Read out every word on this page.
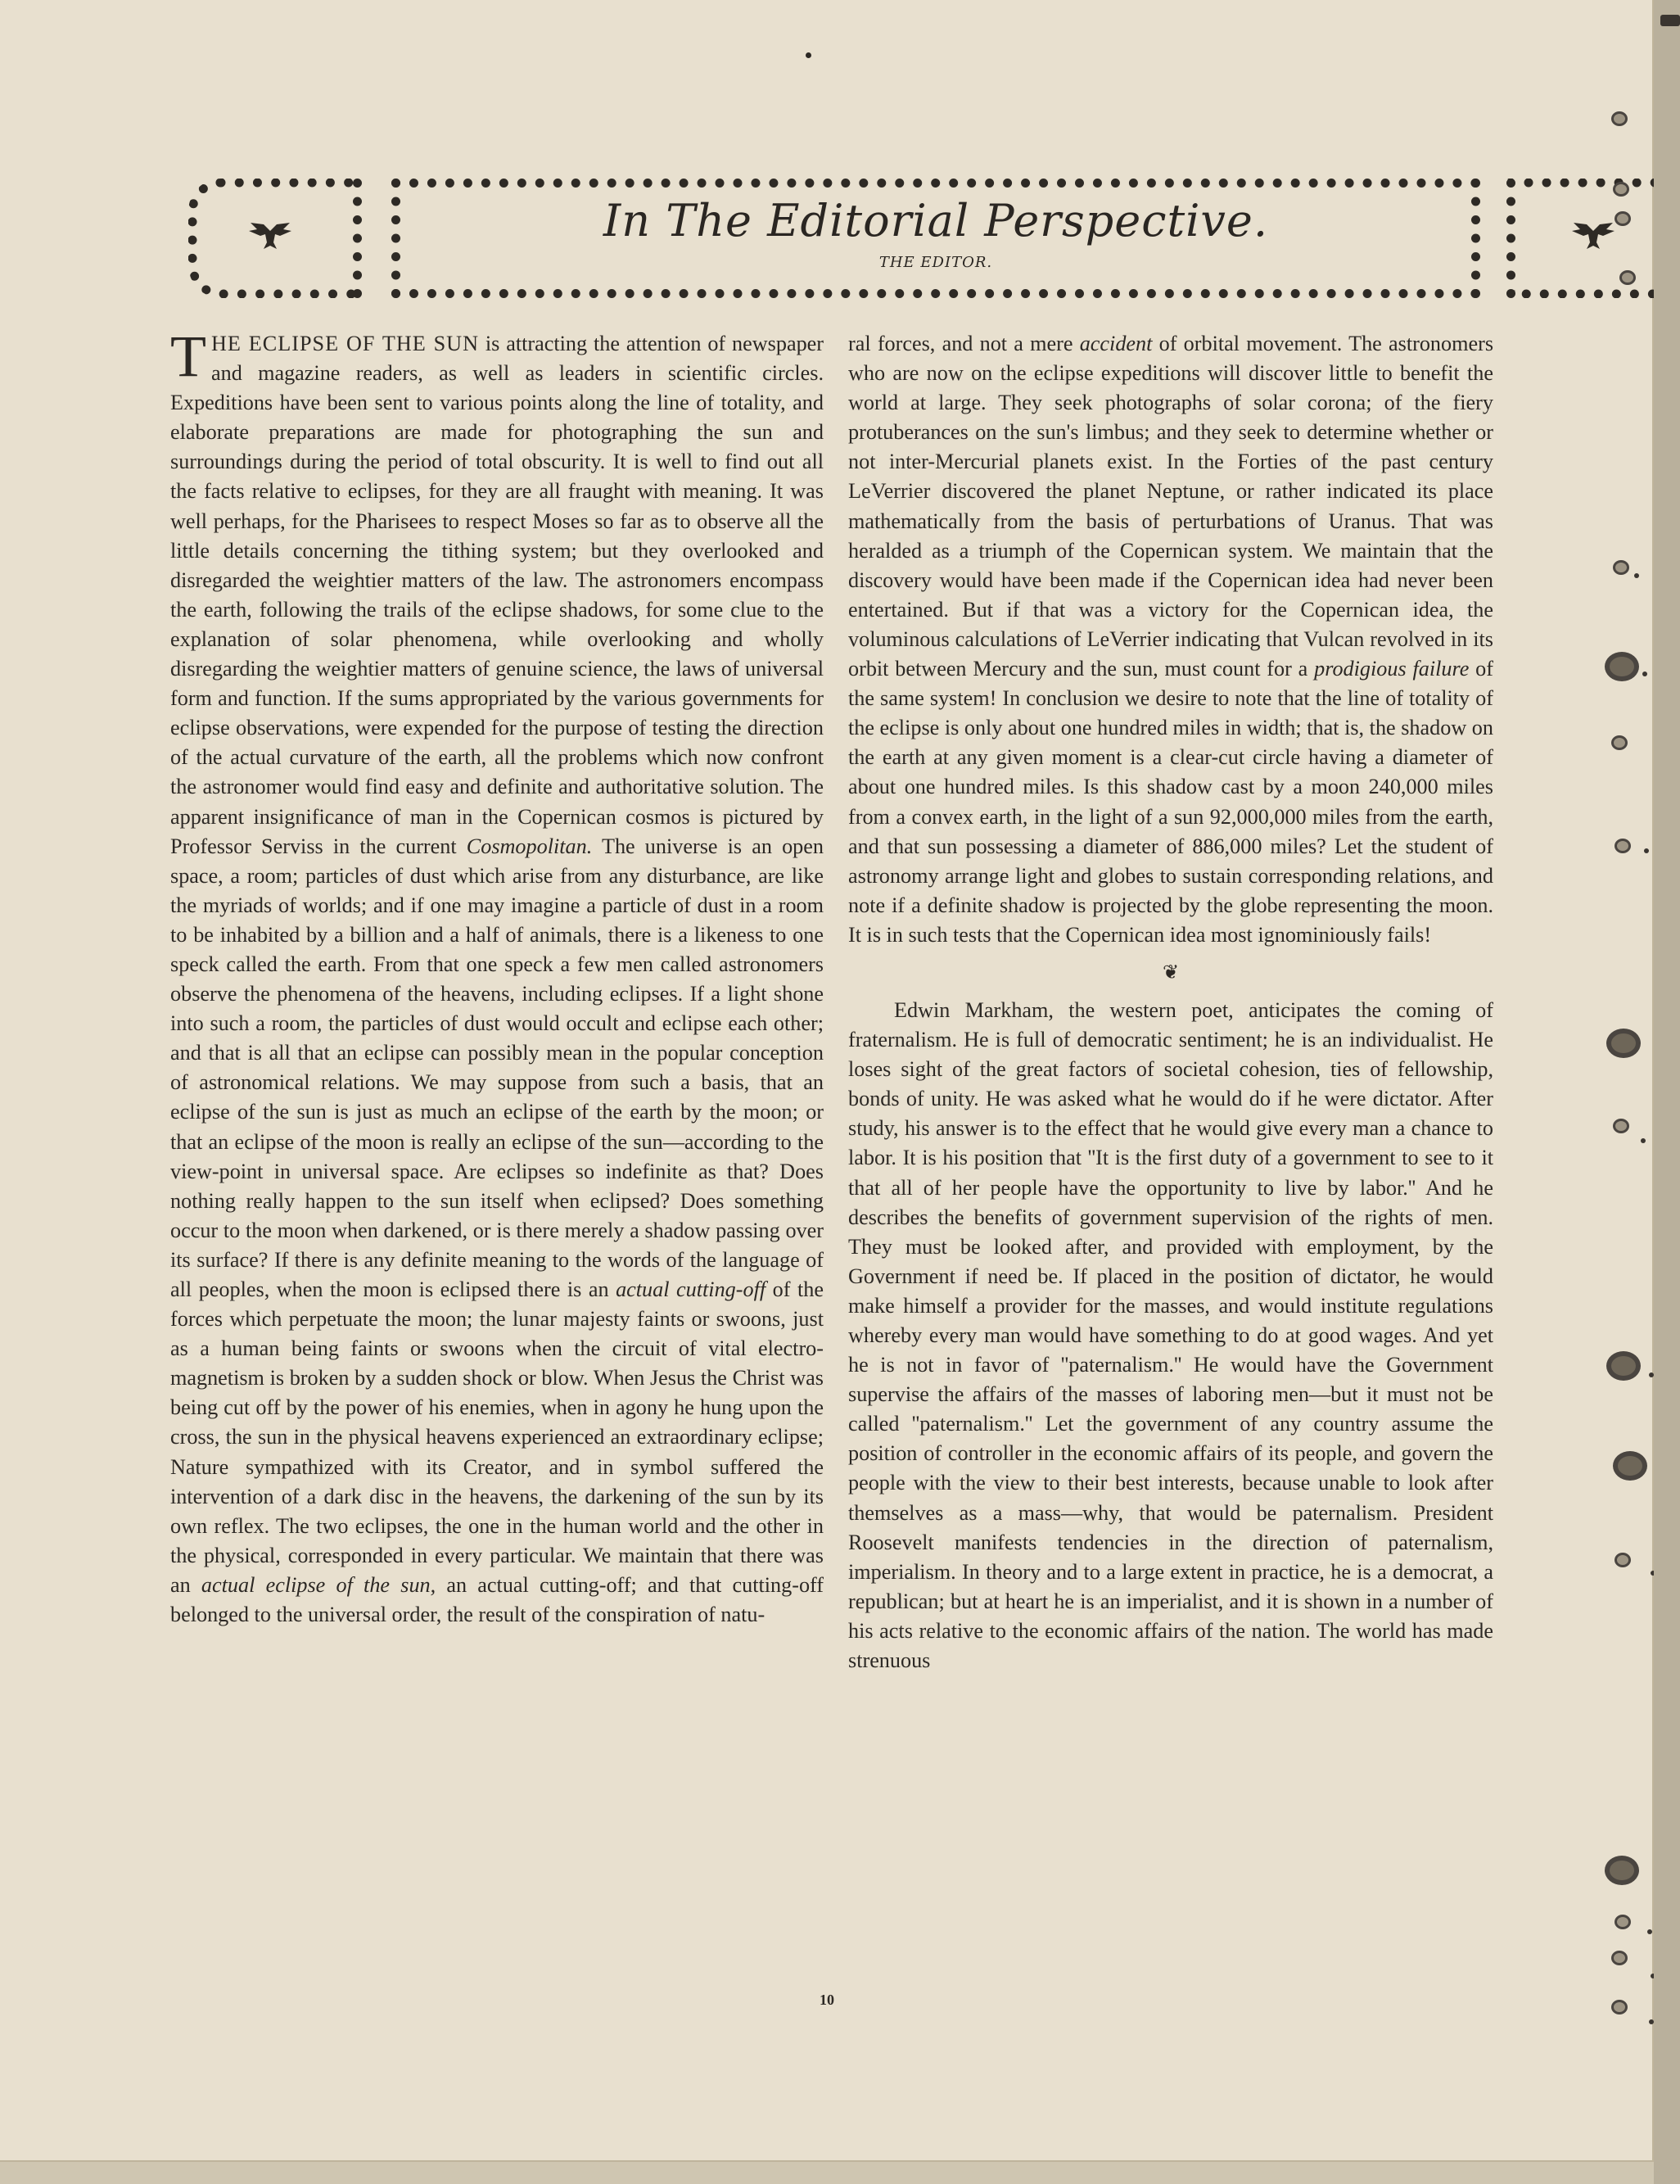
In The Editorial Perspective.
THE EDITOR.

THE ECLIPSE OF THE SUN is attracting the attention of newspaper and magazine readers, as well as leaders in scientific circles. Expeditions have been sent to various points along the line of totality, and elaborate preparations are made for photographing the sun and surroundings during the period of total obscurity. It is well to find out all the facts relative to eclipses, for they are all fraught with meaning. It was well perhaps, for the Pharisees to respect Moses so far as to observe all the little details concerning the tithing system; but they overlooked and disregarded the weightier matters of the law. The astronomers encompass the earth, following the trails of the eclipse shadows, for some clue to the explanation of solar phenomena, while overlooking and wholly disregarding the weightier matters of genuine science, the laws of universal form and function. If the sums appropriated by the various governments for eclipse observations, were expended for the purpose of testing the direction of the actual curvature of the earth, all the problems which now confront the astronomer would find easy and definite and authoritative solution. The apparent insignificance of man in the Copernican cosmos is pictured by Professor Serviss in the current Cosmopolitan. The universe is an open space, a room; particles of dust which arise from any disturbance, are like the myriads of worlds; and if one may imagine a particle of dust in a room to be inhabited by a billion and a half of animals, there is a likeness to one speck called the earth. From that one speck a few men called astronomers observe the phenomena of the heavens, including eclipses. If a light shone into such a room, the particles of dust would occult and eclipse each other; and that is all that an eclipse can possibly mean in the popular conception of astronomical relations. We may suppose from such a basis, that an eclipse of the sun is just as much an eclipse of the earth by the moon; or that an eclipse of the moon is really an eclipse of the sun—according to the view-point in universal space. Are eclipses so indefinite as that? Does nothing really happen to the sun itself when eclipsed? Does something occur to the moon when darkened, or is there merely a shadow passing over its surface? If there is any definite meaning to the words of the language of all peoples, when the moon is eclipsed there is an actual cutting-off of the forces which perpetuate the moon; the lunar majesty faints or swoons, just as a human being faints or swoons when the circuit of vital electro-magnetism is broken by a sudden shock or blow. When Jesus the Christ was being cut off by the power of his enemies, when in agony he hung upon the cross, the sun in the physical heavens experienced an extraordinary eclipse; Nature sympathized with its Creator, and in symbol suffered the intervention of a dark disc in the heavens, the darkening of the sun by its own reflex. The two eclipses, the one in the human world and the other in the physical, corresponded in every particular. We maintain that there was an actual eclipse of the sun, an actual cutting-off; and that cutting-off belonged to the universal order, the result of the conspiration of natu-

ral forces, and not a mere accident of orbital movement. The astronomers who are now on the eclipse expeditions will discover little to benefit the world at large. They seek photographs of solar corona; of the fiery protuberances on the sun's limbus; and they seek to determine whether or not inter-Mercurial planets exist. In the Forties of the past century LeVerrier discovered the planet Neptune, or rather indicated its place mathematically from the basis of perturbations of Uranus. That was heralded as a triumph of the Copernican system. We maintain that the discovery would have been made if the Copernican idea had never been entertained. But if that was a victory for the Copernican idea, the voluminous calculations of LeVerrier indicating that Vulcan revolved in its orbit between Mercury and the sun, must count for a prodigious failure of the same system! In conclusion we desire to note that the line of totality of the eclipse is only about one hundred miles in width; that is, the shadow on the earth at any given moment is a clear-cut circle having a diameter of about one hundred miles. Is this shadow cast by a moon 240,000 miles from a convex earth, in the light of a sun 92,000,000 miles from the earth, and that sun possessing a diameter of 886,000 miles? Let the student of astronomy arrange light and globes to sustain corresponding relations, and note if a definite shadow is projected by the globe representing the moon. It is in such tests that the Copernican idea most ignominiously fails!

❦

Edwin Markham, the western poet, anticipates the coming of fraternalism. He is full of democratic sentiment; he is an individualist. He loses sight of the great factors of societal cohesion, ties of fellowship, bonds of unity. He was asked what he would do if he were dictator. After study, his answer is to the effect that he would give every man a chance to labor. It is his position that ''It is the first duty of a government to see to it that all of her people have the opportunity to live by labor.'' And he describes the benefits of government supervision of the rights of men. They must be looked after, and provided with employment, by the Government if need be. If placed in the position of dictator, he would make himself a provider for the masses, and would institute regulations whereby every man would have something to do at good wages. And yet he is not in favor of ''paternalism.'' He would have the Government supervise the affairs of the masses of laboring men—but it must not be called ''paternalism.'' Let the government of any country assume the position of controller in the economic affairs of its people, and govern the people with the view to their best interests, because unable to look after themselves as a mass—why, that would be paternalism. President Roosevelt manifests tendencies in the direction of paternalism, imperialism. In theory and to a large extent in practice, he is a democrat, a republican; but at heart he is an imperialist, and it is shown in a number of his acts relative to the economic affairs of the nation. The world has made strenuous

10
